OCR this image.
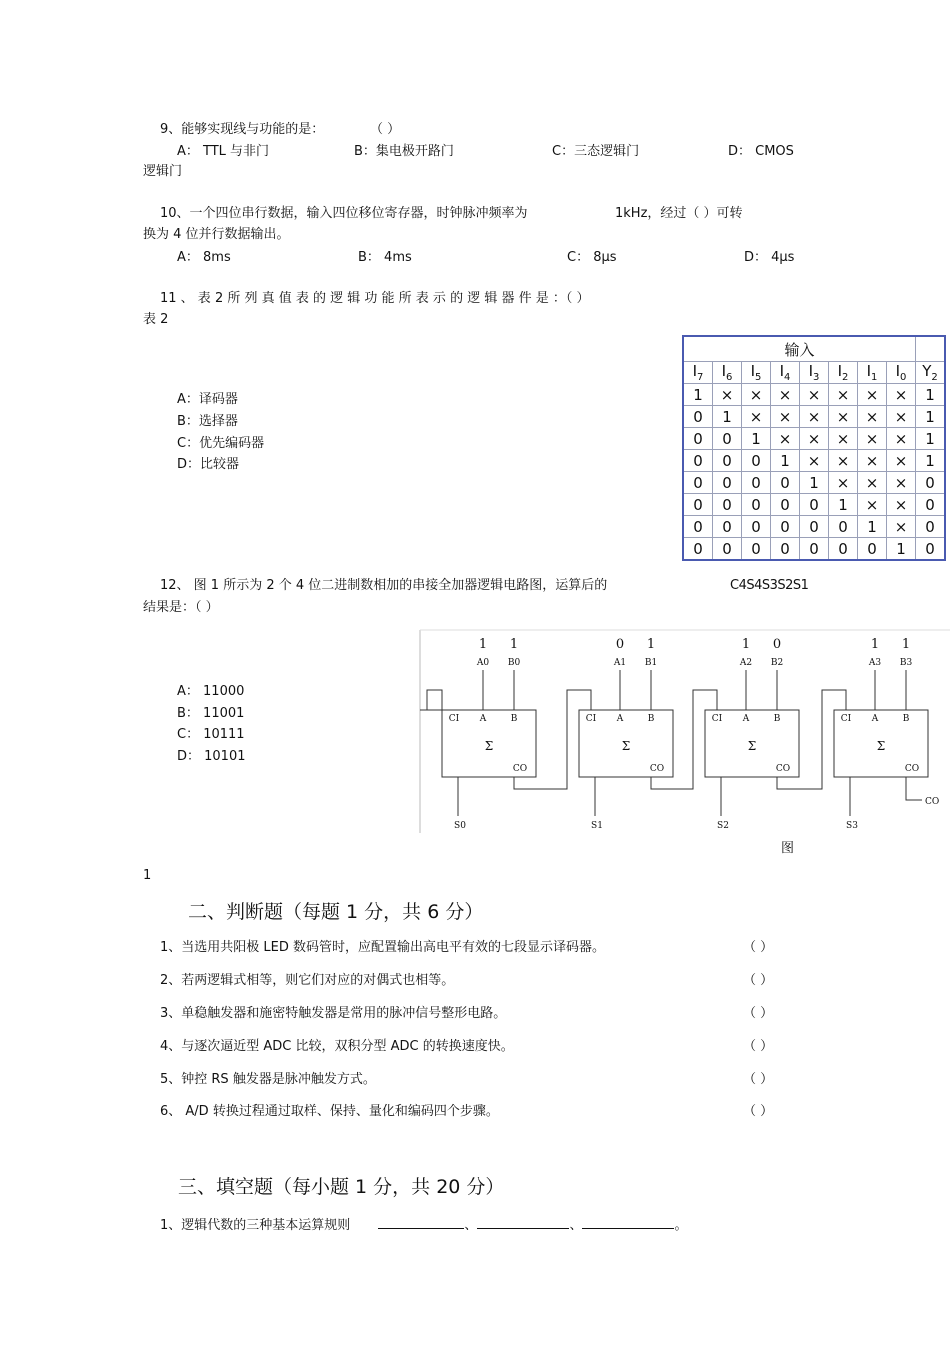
9、能够实现线与功能的是：	（ ）
A： TTL 与非门	B：集电极开路门	C：三态逻辑门	D： CMOS
逻辑门
10、一个四位串行数据，输入四位移位寄存器，时钟脉冲频率为	1kHz，经过（ ）可转
换为 4 位并行数据输出。
A： 8ms	B： 4ms	C： 8μs	D： 4μs
11 、 表 2 所 列 真 值 表 的 逻 辑 功 能 所 表 示 的 逻 辑 器 件 是 ：（ ）
表 2
A：译码器
B：选择器
C：优先编码器
D：比较器
输入								
$I_7$	$I_6$	$I_5$	$I_4$	$I_3$	$I_2$	$I_1$	$I_0$	$Y_2$
1	×	×	×	×	×	×	×	1
0	1	×	×	×	×	×	×	1
0	0	1	×	×	×	×	×	1
0	0	0	1	×	×	×	×	1
0	0	0	0	1	×	×	×	0
0	0	0	0	0	1	×	×	0
0	0	0	0	0	0	1	×	0
0	0	0	0	0	0	0	1	0
12、 图 1 所示为 2 个 4 位二进制数相加的串接全加器逻辑电路图，运算后的	C4S4S3S2S1
结果是：（ ）
A： 11000
B： 11001
C： 10111
D： 10101
1 1
A0 B0
CI A	B
Σ
CO
S0
0 1
A1 B1
CI A	B
Σ
CO
S1
1 0
A2 B2
CI A	B
Σ
CO
S2
1 1
A3 B3
CI A	B
Σ
CO
S3
CO
图
1
二、判断题（每题 1 分，共 6 分）
1、当选用共阳极 LED 数码管时，应配置输出高电平有效的七段显示译码器。
2、若两逻辑式相等，则它们对应的对偶式也相等。
3、单稳触发器和施密特触发器是常用的脉冲信号整形电路。
4、与逐次逼近型 ADC 比较，双积分型 ADC 的转换速度快。
5、钟控 RS 触发器是脉冲触发方式。
6、 A/D 转换过程通过取样、保持、量化和编码四个步骤。
（ ）
（ ）
（ ）
（ ）
（ ）
（ ）
三、填空题（每小题 1 分，共 20 分）
1、逻辑代数的三种基本运算规则	、	、	。
